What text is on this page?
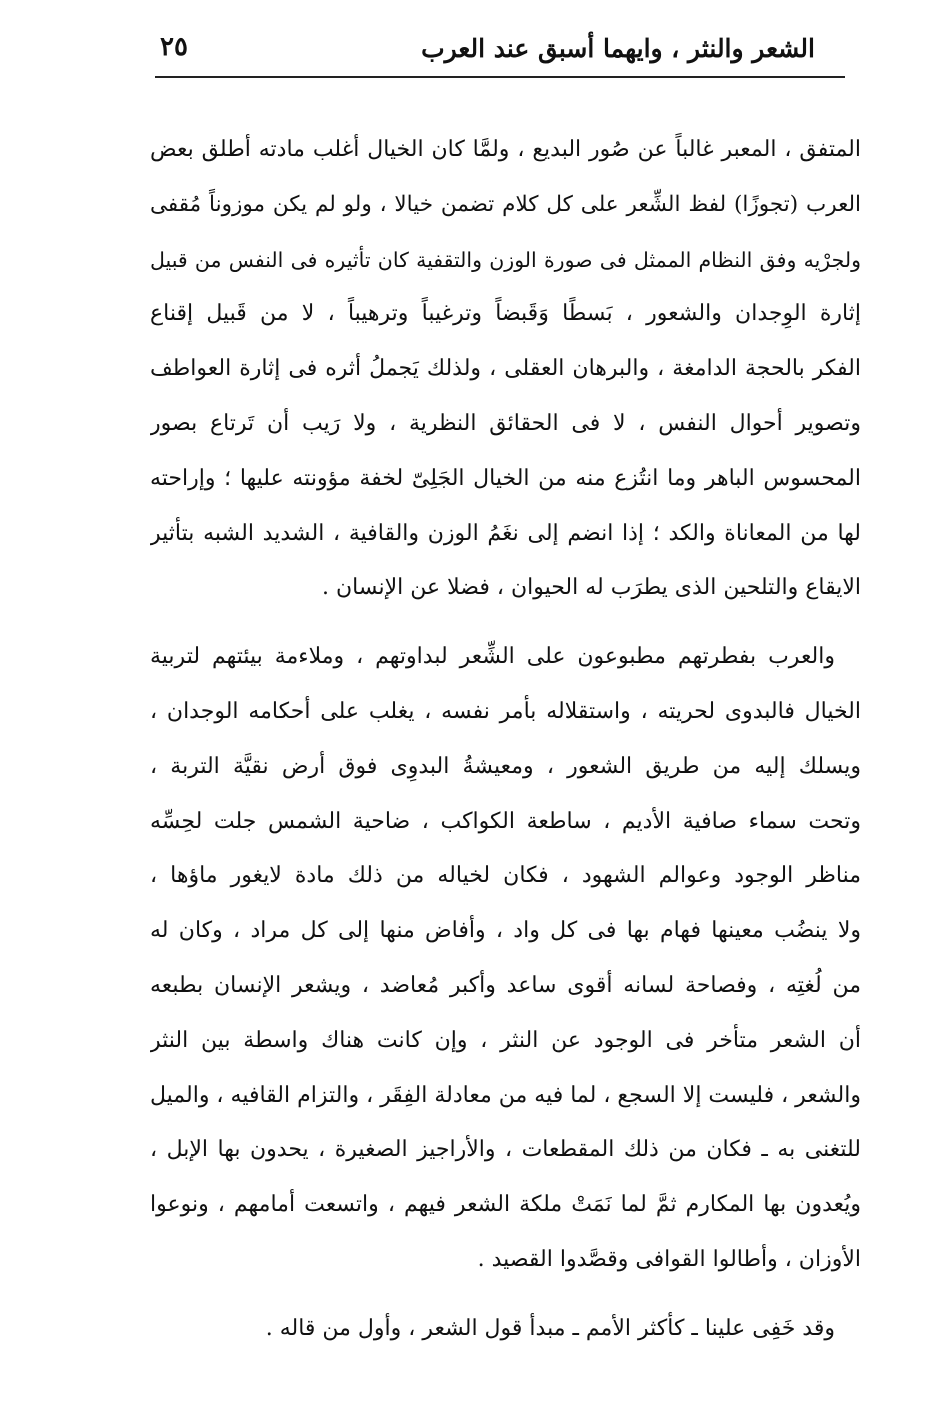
الشعر والنثر ، وايهما أسبق عند العرب
٢٥
المتفق ، المعبر غالباً عن صُور البديع ، ولمَّا كان الخيال أغلب مادته أطلق بعض
العرب (تجوزًا) لفظ الشِّعر على كل كلام تضمن خيالا ، ولو لم يكن موزوناً مُقفى
ولجرْيه وفق النظام الممثل فى صورة الوزن والتقفية كان تأثيره فى النفس من قبيل
إثارة الوِجدان والشعور ، بَسطًا وَقَبضاً وترغيباً وترهيباً ، لا من قَبيل إقناع
الفكر بالحجة الدامغة ، والبرهان العقلى ، ولذلك يَجملُ أثره فى إثارة العواطف
وتصوير أحوال النفس ، لا فى الحقائق النظرية ، ولا رَيب أن تَرتاع بصور
المحسوس الباهر وما انتُزع منه من الخيال الجَلِىّ لخفة مؤونته عليها ؛ وإراحته
لها من المعاناة والكد ؛ إذا انضم إلى نغَمُ الوزن والقافية ، الشديد الشبه بتأثير
الايقاع والتلحين الذى يطرَب له الحيوان ، فضلا عن الإنسان .
والعرب بفطرتهم مطبوعون على الشِّعر لبداوتهم ، وملاءمة بيئتهم لتربية
الخيال فالبدوى لحريته ، واستقلاله بأمر نفسه ، يغلب على أحكامه الوجدان ،
ويسلك إليه من طريق الشعور ، ومعيشةُ البدوِى فوق أرض نقيَّة التربة ،
وتحت سماء صافية الأديم ، ساطعة الكواكب ، ضاحية الشمس جلت لحِسِّه
مناظر الوجود وعوالم الشهود ، فكان لخياله من ذلك مادة لايغور ماؤها ،
ولا ينضُب معينها فهام بها فى كل واد ، وأفاض منها إلى كل مراد ، وكان له
من لُغتِه ، وفصاحة لسانه أقوى ساعد وأكبر مُعاضد ، ويشعر الإنسان بطبعه
أن الشعر متأخر فى الوجود عن النثر ، وإن كانت هناك واسطة بين النثر
والشعر ، فليست إلا السجع ، لما فيه من معادلة الفِقَر ، والتزام القافيه ، والميل
للتغنى به ـ فكان من ذلك المقطعات ، والأراجيز الصغيرة ، يحدون بها الإبل ،
ويُعدون بها المكارم ثمَّ لما نَمَتْ ملكة الشعر فيهم ، واتسعت أمامهم ، ونوعوا
الأوزان ، وأطالوا القوافى وقصَّدوا القصيد .
وقد خَفِى علينا ـ كأكثر الأمم ـ مبدأ قول الشعر ، وأول من قاله .
